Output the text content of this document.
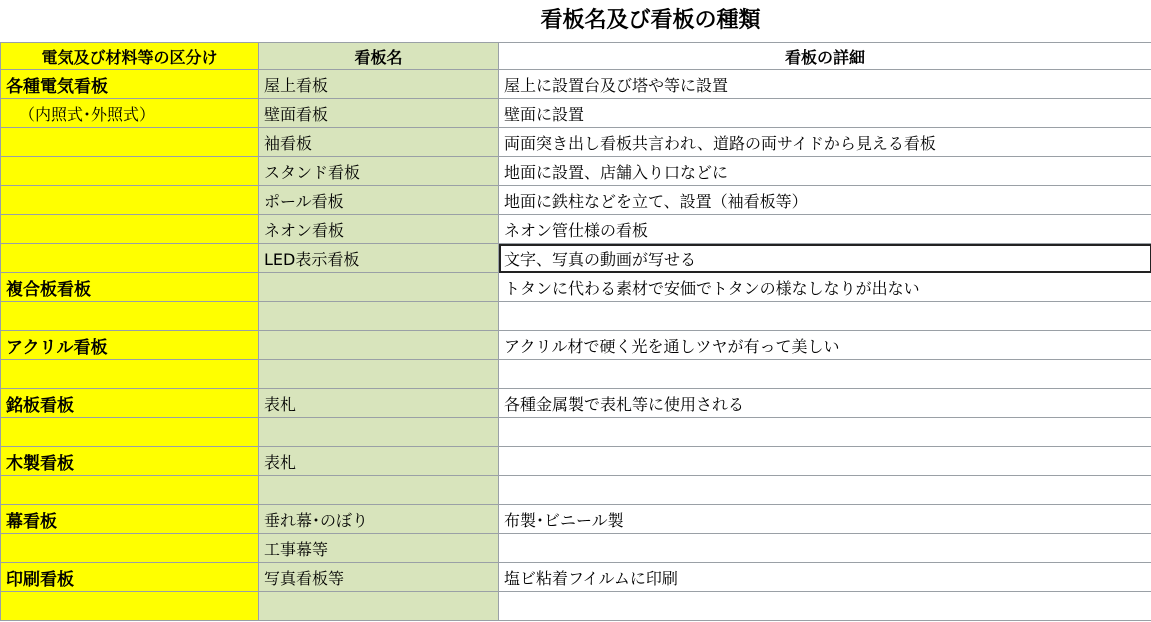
看板名及び看板の種類
電気及び材料等の区分け	看板名	看板の詳細
各種電気看板	屋上看板	屋上に設置台及び塔や等に設置
（内照式･外照式）	壁面看板	壁面に設置
	袖看板	両面突き出し看板共言われ、道路の両サイドから見える看板
	スタンド看板	地面に設置、店舗入り口などに
	ポール看板	地面に鉄柱などを立て、設置（袖看板等）
	ネオン看板	ネオン管仕様の看板
	LED表示看板	文字、写真の動画が写せる
複合板看板		トタンに代わる素材で安価でトタンの様なしなりが出ない

アクリル看板		アクリル材で硬く光を通しツヤが有って美しい

銘板看板	表札	各種金属製で表札等に使用される

木製看板	表札	

幕看板	垂れ幕･のぼり	布製･ビニール製
	工事幕等	
印刷看板	写真看板等	塩ビ粘着フイルムに印刷
